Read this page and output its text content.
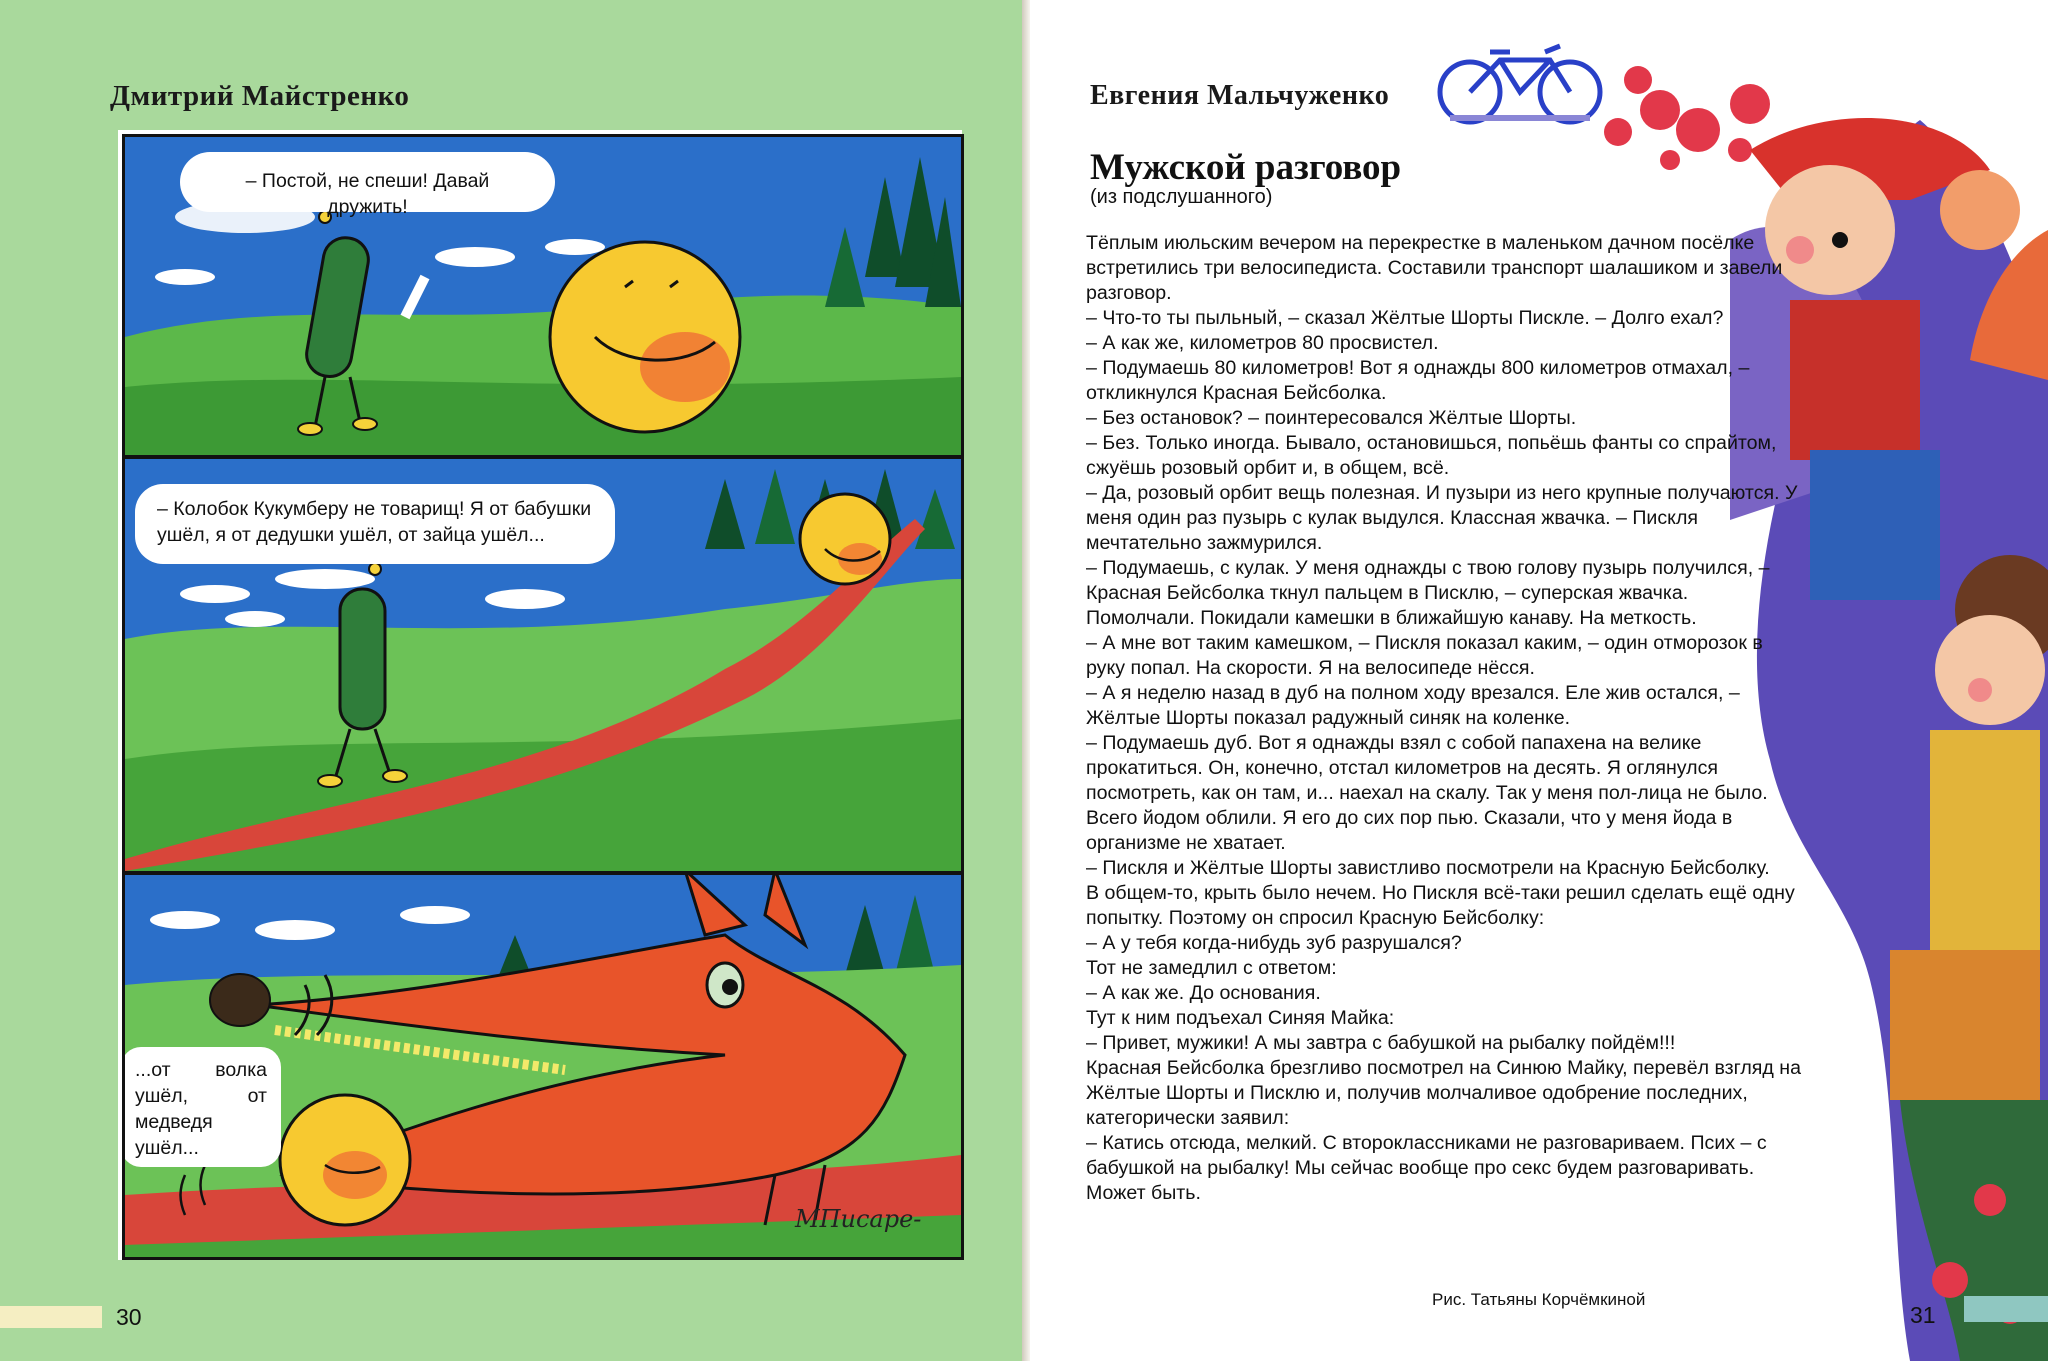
Дмитрий Майстренко
– Постой, не спеши! Давай дружить!
– Колобок Кукумберу не товарищ! Я от бабушки ушёл, я от дедушки ушёл, от зайца ушёл...
...от волка ушёл, от медведя ушёл...
MПисаре-
30
Евгения Мальчуженко
Мужской разговор
(из подслушанного)

Тёплым июльским вечером на перекрестке в маленьком дачном посёлке встретились три велосипедиста. Составили транспорт шалашиком и завели разговор.

– Что-то ты пыльный, – сказал Жёлтые Шорты Пискле. – Долго ехал?

– А как же, километров 80 просвистел.

– Подумаешь 80 километров! Вот я однажды 800 километров отмахал, – откликнулся Красная Бейсболка.

– Без остановок? – поинтересовался Жёлтые Шорты.

– Без. Только иногда. Бывало, остановишься, попьёшь фанты со спрайтом, сжуёшь розовый орбит и, в общем, всё.

– Да, розовый орбит вещь полезная. И пузыри из него крупные получаются. У меня один раз пузырь с кулак выдулся. Классная жвачка. – Пискля мечтательно зажмурился.

– Подумаешь, с кулак. У меня однажды с твою голову пузырь получился, – Красная Бейсболка ткнул пальцем в Писклю, – суперская жвачка. Помолчали. Покидали камешки в ближайшую канаву. На меткость.

– А мне вот таким камешком, – Пискля показал каким, – один отморозок в руку попал. На скорости. Я на велосипеде нёсся.

– А я неделю назад в дуб на полном ходу врезался. Еле жив остался, – Жёлтые Шорты показал радужный синяк на коленке.

– Подумаешь дуб. Вот я однажды взял с собой папахена на велике прокатиться. Он, конечно, отстал километров на десять. Я оглянулся посмотреть, как он там, и... наехал на скалу. Так у меня пол-лица не было. Всего йодом облили. Я его до сих пор пью. Сказали, что у меня йода в организме не хватает.

– Пискля и Жёлтые Шорты завистливо посмотрели на Красную Бейсболку.

В общем-то, крыть было нечем. Но Пискля всё-таки решил сделать ещё одну попытку. Поэтому он спросил Красную Бейсболку:

– А у тебя когда-нибудь зуб разрушался?

Тот не замедлил с ответом:

– А как же. До основания.

Тут к ним подъехал Синяя Майка:

– Привет, мужики! А мы завтра с бабушкой на рыбалку пойдём!!!

Красная Бейсболка брезгливо посмотрел на Синюю Майку, перевёл взгляд на Жёлтые Шорты и Писклю и, получив молчаливое одобрение последних, категорически заявил:

– Катись отсюда, мелкий. С второклассниками не разговариваем. Псих – с бабушкой на рыбалку! Мы сейчас вообще про секс будем разговаривать. Может быть.

Рис. Татьяны Корчёмкиной
31
